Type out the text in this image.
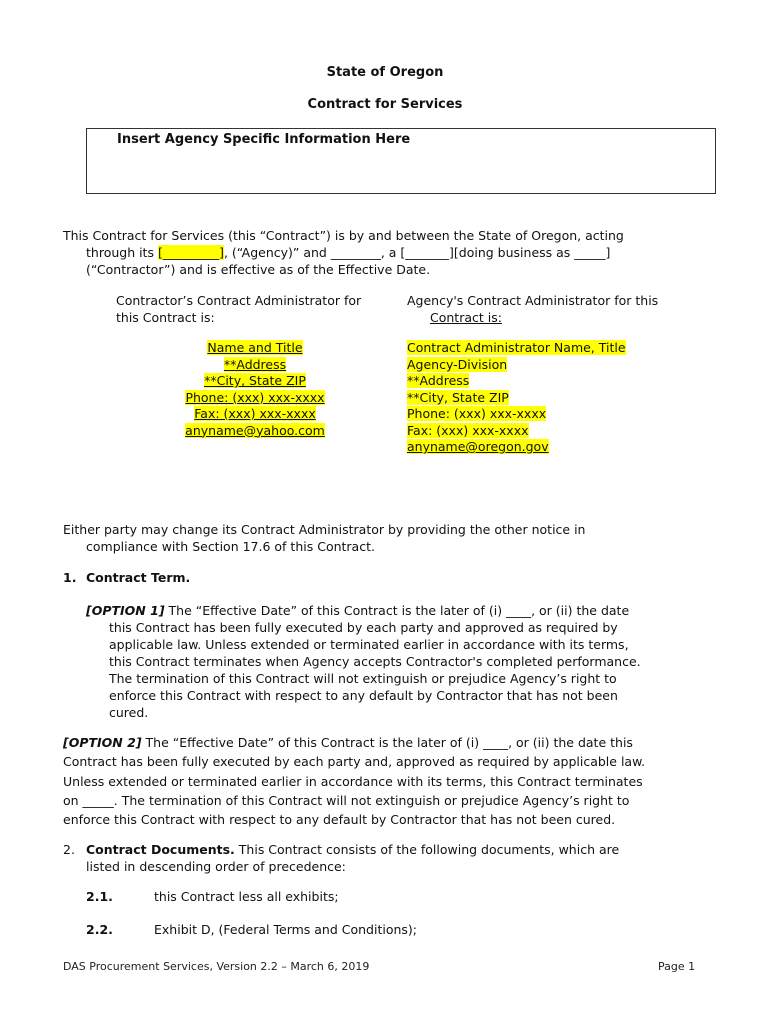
State of Oregon
Contract for Services
Insert Agency Specific Information Here
This Contract for Services (this “Contract”) is by and between the State of Oregon, acting
through its [_________], (“Agency)” and ________, a [_______][doing business as _____]
(“Contractor”) and is effective as of the Effective Date.
Contractor’s Contract Administrator for
this Contract is:
Agency's Contract Administrator for this
Contract is:
Name and Title
**Address
**City, State ZIP
Phone: (xxx) xxx-xxxx
Fax: (xxx) xxx-xxxx
anyname@yahoo.com
Contract Administrator Name, Title
Agency-Division
**Address
**City, State ZIP
Phone: (xxx) xxx-xxxx
Fax: (xxx) xxx-xxxx
anyname@oregon.gov
Either party may change its Contract Administrator by providing the other notice in
compliance with Section 17.6 of this Contract.
1. Contract Term.
[OPTION 1] The “Effective Date” of this Contract is the later of (i) ____, or (ii) the date
this Contract has been fully executed by each party and approved as required by
applicable law. Unless extended or terminated earlier in accordance with its terms,
this Contract terminates when Agency accepts Contractor's completed performance.
The termination of this Contract will not extinguish or prejudice Agency’s right to
enforce this Contract with respect to any default by Contractor that has not been
cured.
[OPTION 2] The “Effective Date” of this Contract is the later of (i) ____, or (ii) the date this
Contract has been fully executed by each party and, approved as required by applicable law.
Unless extended or terminated earlier in accordance with its terms, this Contract terminates
on _____. The termination of this Contract will not extinguish or prejudice Agency’s right to
enforce this Contract with respect to any default by Contractor that has not been cured.
2. Contract Documents. This Contract consists of the following documents, which are
listed in descending order of precedence:
2.1.	this Contract less all exhibits;
2.2.	Exhibit D, (Federal Terms and Conditions);
DAS Procurement Services, Version 2.2 – March 6, 2019	Page 1
